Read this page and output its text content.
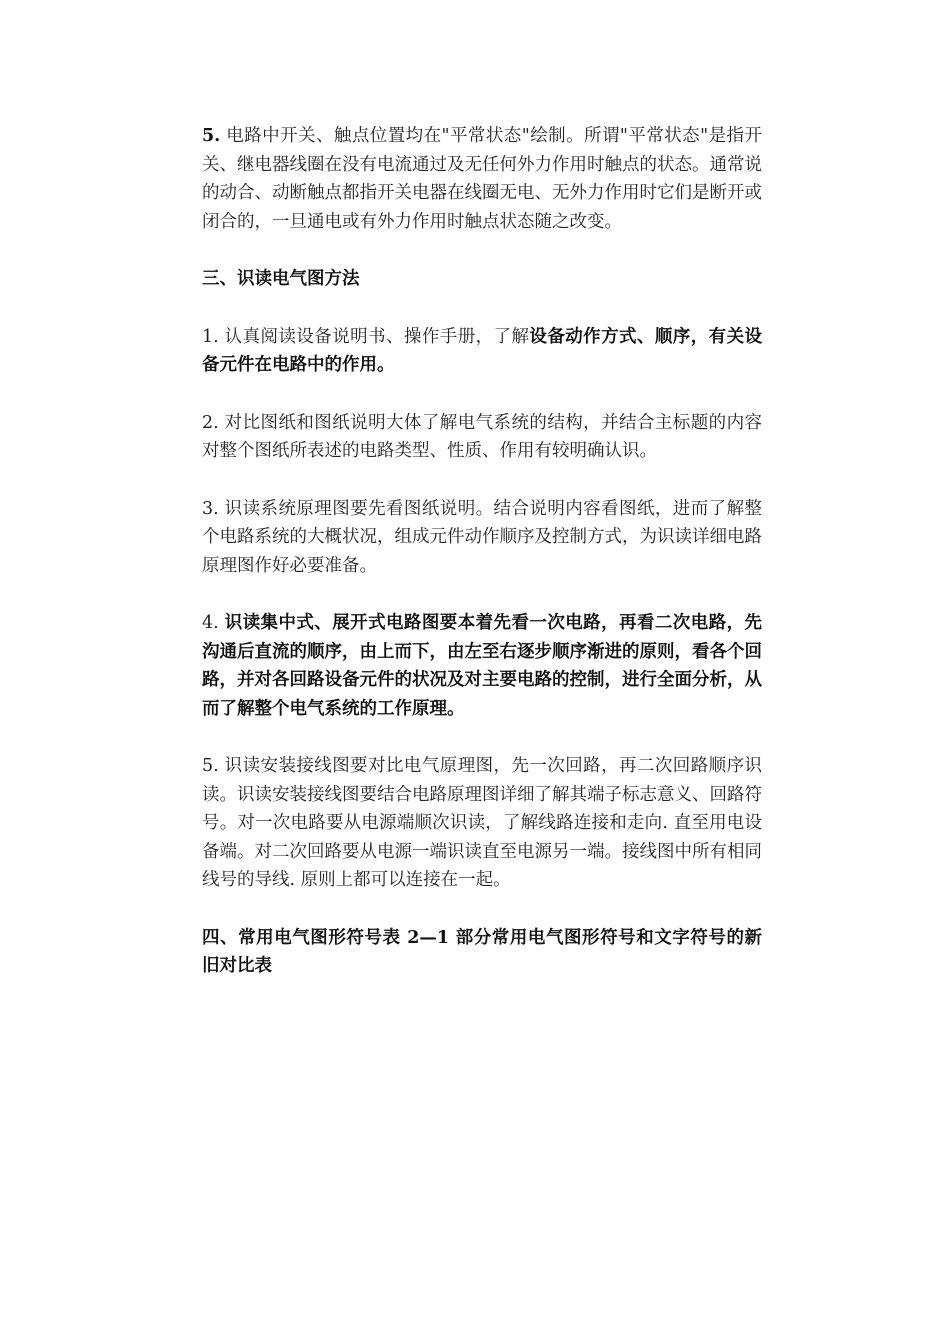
5. 电路中开关、触点位置均在"平常状态"绘制。所谓"平常状态"是指开关、继电器线圈在没有电流通过及无任何外力作用时触点的状态。通常说的动合、动断触点都指开关电器在线圈无电、无外力作用时它们是断开或闭合的，一旦通电或有外力作用时触点状态随之改变。

三、识读电气图方法

1. 认真阅读设备说明书、操作手册，了解设备动作方式、顺序，有关设备元件在电路中的作用。

2. 对比图纸和图纸说明大体了解电气系统的结构，并结合主标题的内容对整个图纸所表述的电路类型、性质、作用有较明确认识。

3. 识读系统原理图要先看图纸说明。结合说明内容看图纸，进而了解整个电路系统的大概状况，组成元件动作顺序及控制方式，为识读详细电路原理图作好必要准备。

4. 识读集中式、展开式电路图要本着先看一次电路，再看二次电路，先沟通后直流的顺序，由上而下，由左至右逐步顺序渐进的原则，看各个回路，并对各回路设备元件的状况及对主要电路的控制，进行全面分析，从而了解整个电气系统的工作原理。

5. 识读安装接线图要对比电气原理图，先一次回路，再二次回路顺序识读。识读安装接线图要结合电路原理图详细了解其端子标志意义、回路符号。对一次电路要从电源端顺次识读，了解线路连接和走向. 直至用电设备端。对二次回路要从电源一端识读直至电源另一端。接线图中所有相同线号的导线. 原则上都可以连接在一起。

四、常用电气图形符号表 2—1 部分常用电气图形符号和文字符号的新旧对比表
